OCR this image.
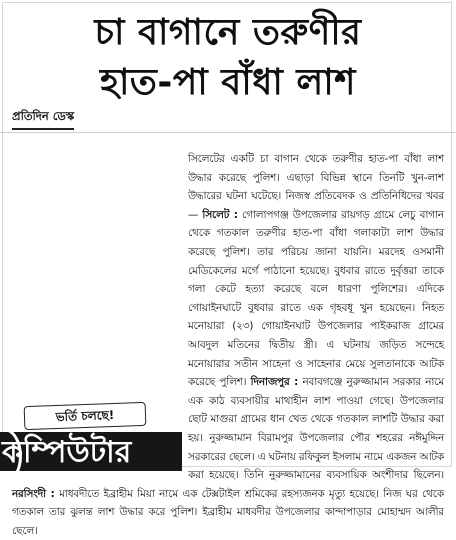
চা বাগানে তরুণীর
হাত-পা বাঁধা লাশ
প্রতিদিন ডেস্ক
সিলেটের একটি চা বাগান থেকে তরুণীর হাত-পা বাঁধা লাশ উদ্ধার করেছে পুলিশ। এছাড়া বিভিন্ন স্থানে তিনটি খুন-লাশ উদ্ধারের ঘটনা ঘটেছে। নিজস্ব প্রতিবেদক ও প্রতিনিধিদের খবর— সিলেট : গোলাপগঞ্জ উপজেলার রায়গড় গ্রামে লেচু বাগান থেকে গতকাল তরুণীর হাত-পা বাঁধা গলাকাটা লাশ উদ্ধার করেছে পুলিশ। তার পরিচয় জানা যায়নি। মরদেহ ওসমানী মেডিকেলের মর্গে পাঠানো হয়েছে। বুধবার রাতে দুর্বৃত্তরা তাকে গলা কেটে হত্যা করেছে বলে ধারণা পুলিশের। এদিকে গোয়াইনঘাটে বুধবার রাতে এক গৃহবধূ খুন হয়েছেন। নিহত মনোয়ারা (২৩) গোয়াইনঘাট উপজেলার পাইকরাজ গ্রামের আবদুল মতিনের দ্বিতীয় স্ত্রী। এ ঘটনায় জড়িত সন্দেহে মনোয়ারার সতীন সাহেনা ও সাহেনার মেয়ে সুলতানাকে আটক করেছে পুলিশ। দিনাজপুর : নবাবগঞ্জে নুরুজ্জামান সরকার নামে এক কাঠ ব্যবসায়ীর মাথাহীন লাশ পাওয়া গেছে। উপজেলার ছোট মাগুরা গ্রামের ধান খেত থেকে গতকাল লাশটি উদ্ধার করা হয়। নুরুজ্জামান বিরামপুর উপজেলার পৌর শহরের নঈমুদ্দিন সরকারের ছেলে। এ ঘটনায় রফিকুল ইসলাম নামে একজন আটক করা হয়েছে। তিনি নুরুজ্জামানের ব্যবসায়িক অংশীদার ছিলেন। নরসিংদী : মাধবদীতে ইব্রাহীম মিয়া নামে এক টেক্সটাইল শ্রমিকের রহস্যজনক মৃত্যু হয়েছে। নিজ ঘর থেকে গতকাল তার ঝুলন্ত লাশ উদ্ধার করে পুলিশ। ইব্রাহীম মাধবদীর উপজেলার কান্দাপাড়ার মোহাম্মদ আলীর ছেলে।
ভর্তি চলছে!
কম্পিউটার
